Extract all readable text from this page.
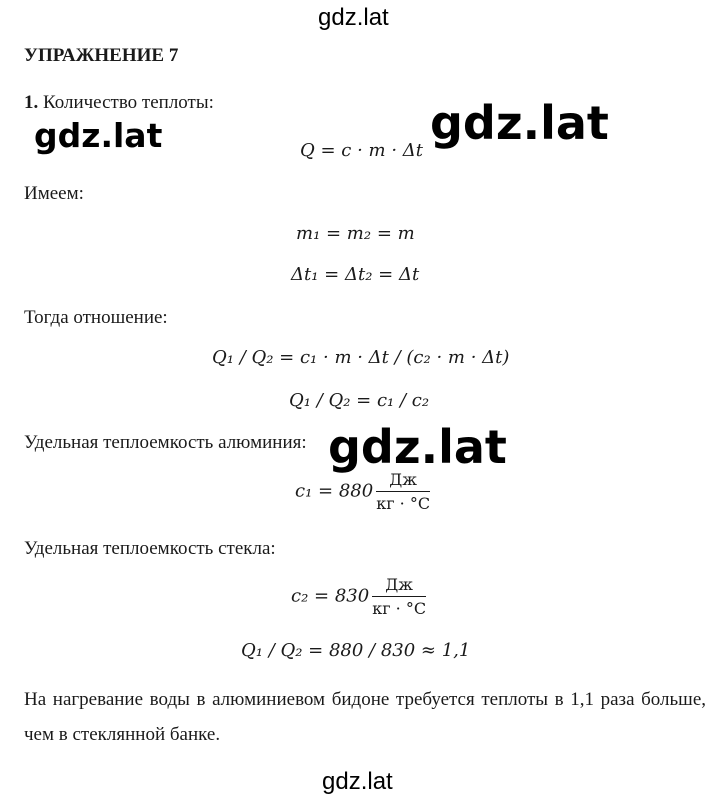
gdz.lat
gdz.lat
УПРАЖНЕНИЕ 7
1. Количество теплоты:
gdz.lat	Q = c · m · Δt
gdz.lat
Имеем:
m₁ = m₂ = m
Δt₁ = Δt₂ = Δt
Тогда отношение:
Q₁ / Q₂ = c₁ · m · Δt / (c₂ · m · Δt)
Q₁ / Q₂ = c₁ / c₂
Удельная теплоемкость алюминия: gdz.lat
$c_1 = 880 \frac{Дж}{кг \cdot ^\circ С}$
Удельная теплоемкость стекла:
$c_2 = 830 \frac{Дж}{кг \cdot ^\circ С}$
Q₁ / Q₂ = 880 / 830 ≈ 1,1
На нагревание воды в алюминиевом бидоне требуется теплоты в 1,1 раза больше, чем в стеклянной банке.
